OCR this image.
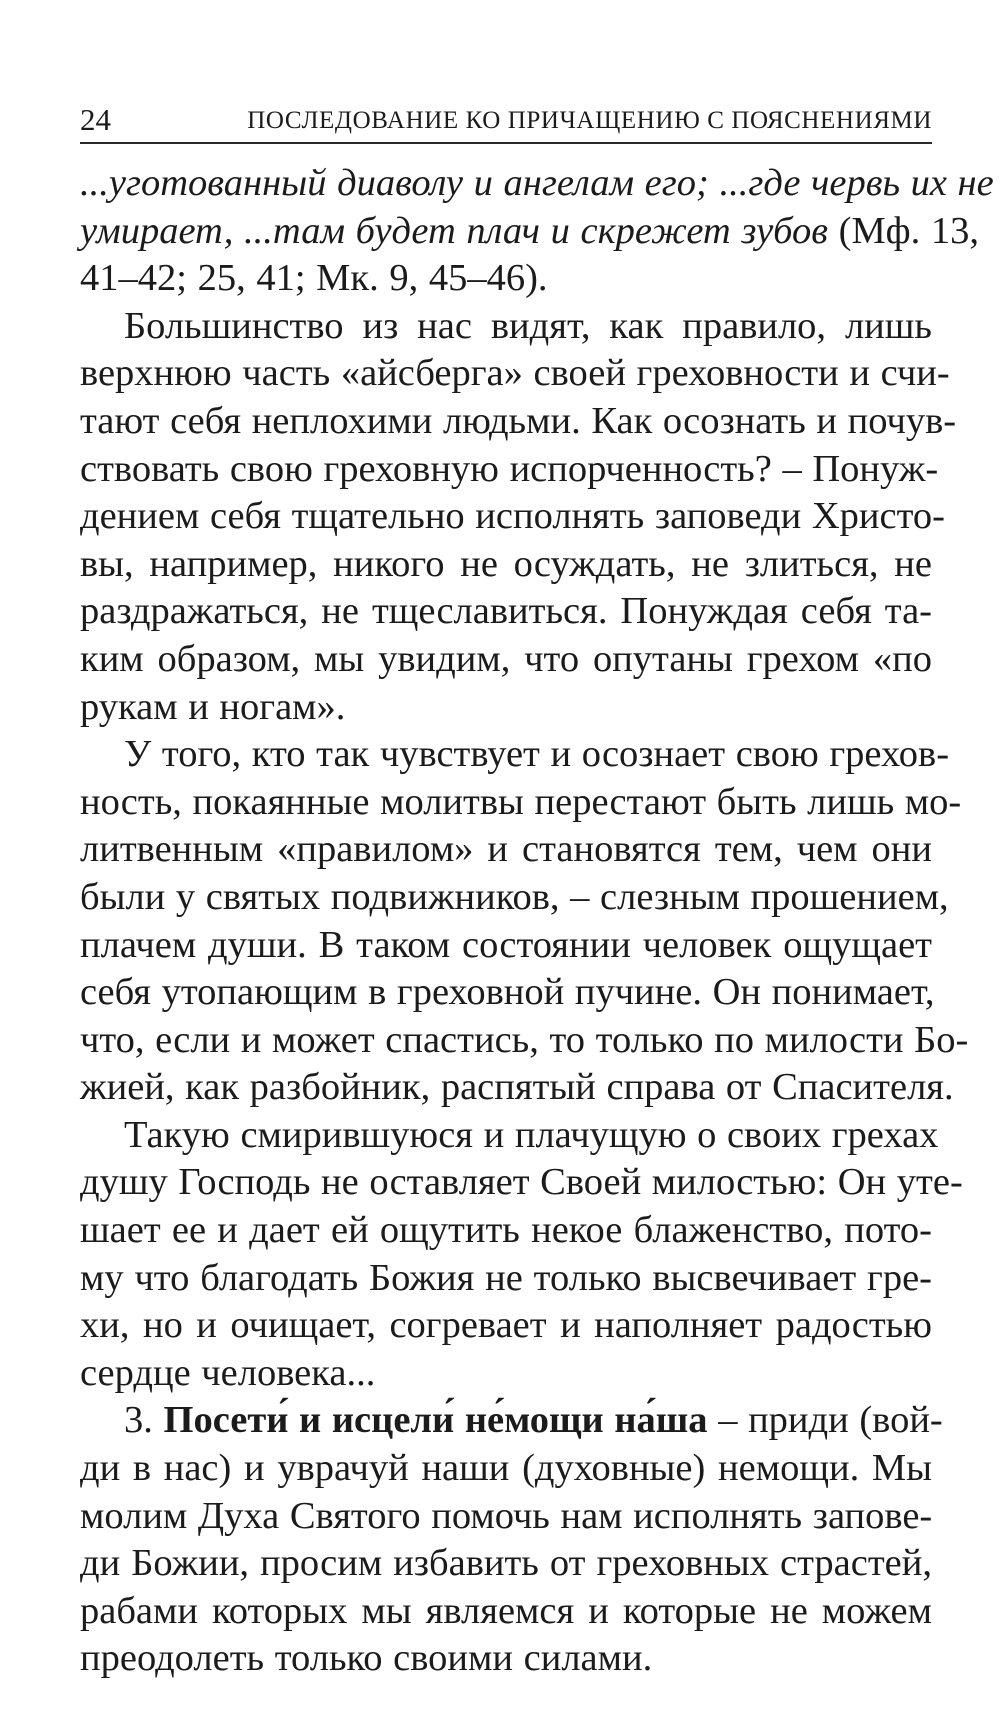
24	ПОСЛЕДОВАНИЕ КО ПРИЧАЩЕНИЮ С ПОЯСНЕНИЯМИ
...уготованный диаволу и ангелам его; ...где червь их не
умирает, ...там будет плач и скрежет зубов (Мф. 13,
41–42; 25, 41; Мк. 9, 45–46).
Большинство из нас видят, как правило, лишь
верхнюю часть «айсберга» своей греховности и счи-
тают себя неплохими людьми. Как осознать и почув-
ствовать свою греховную испорченность? – Понуж-
дением себя тщательно исполнять заповеди Христо-
вы, например, никого не осуждать, не злиться, не
раздражаться, не тщеславиться. Понуждая себя та-
ким образом, мы увидим, что опутаны грехом «по
рукам и ногам».
У того, кто так чувствует и осознает свою грехов-
ность, покаянные молитвы перестают быть лишь мо-
литвенным «правилом» и становятся тем, чем они
были у святых подвижников, – слезным прошением,
плачем души. В таком состоянии человек ощущает
себя утопающим в греховной пучине. Он понимает,
что, если и может спастись, то только по милости Бо-
жией, как разбойник, распятый справа от Спасителя.
Такую смирившуюся и плачущую о своих грехах
душу Господь не оставляет Своей милостью: Он уте-
шает ее и дает ей ощутить некое блаженство, пото-
му что благодать Божия не только высвечивает гре-
хи, но и очищает, согревает и наполняет радостью
сердце человека...
3. Посети́ и исцели́ не́мощи на́ша – приди (вой-
ди в нас) и уврачуй наши (духовные) немощи. Мы
молим Духа Святого помочь нам исполнять запове-
ди Божии, просим избавить от греховных страстей,
рабами которых мы являемся и которые не можем
преодолеть только своими силами.
